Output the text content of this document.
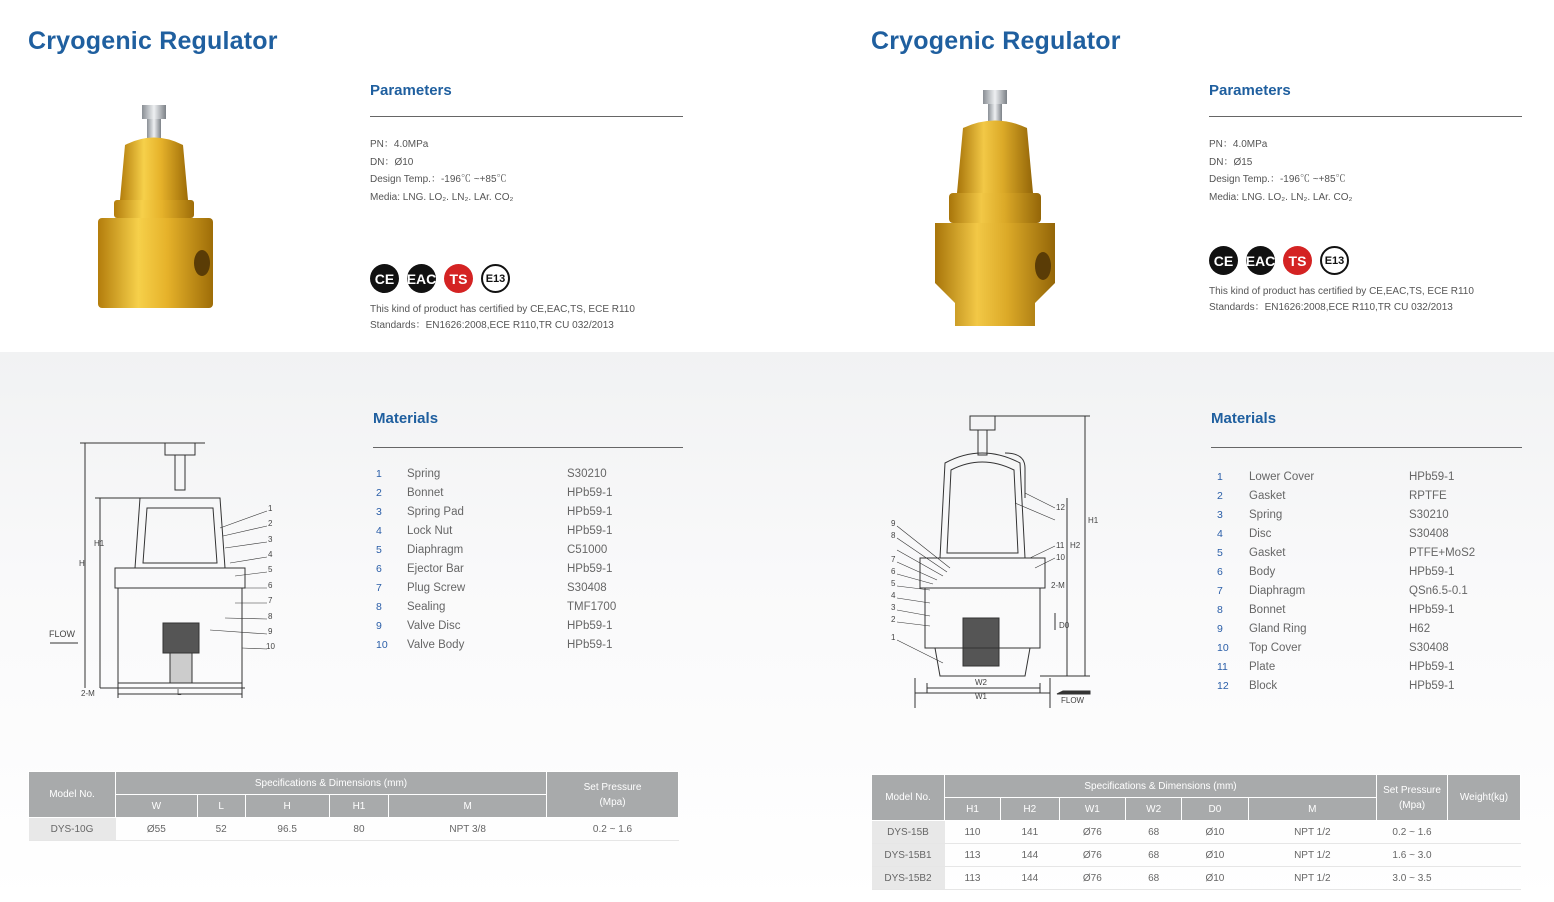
Cryogenic Regulator
Parameters

PN：4.0MPa

DN：Ø10

Design Temp.：-196℃ ~+85℃

Media: LNG. LO₂. LN₂. LAr. CO₂

CE EAC TS	E13

This kind of product has certified by CE,EAC,TS, ECE R110

Standards：EN1626:2008,ECE R110,TR CU 032/2013

1
2
3
4
5
6
7
8
9
10
FLOW
H
H1
L
2-M
Materials
1 Spring	S30210
2 Bonnet	HPb59-1
3 Spring Pad	HPb59-1
4 Lock Nut	HPb59-1
5 Diaphragm	C51000
6 Ejector Bar	HPb59-1
7 Plug Screw	S30408
8 Sealing	TMF1700
9 Valve Disc	HPb59-1
10 Valve Body	HPb59-1
Model No.	Specifications & Dimensions (mm)					Set Pressure
(Mpa)
	W	L	H	H1	M	
DYS-10G	Ø55	52	96.5	80	NPT 3/8	0.2 ~ 1.6
Cryogenic Regulator
Parameters

PN：4.0MPa

DN：Ø15

Design Temp.：-196℃ ~+85℃

Media: LNG. LO₂. LN₂. LAr. CO₂

CE EAC TS	E13

This kind of product has certified by CE,EAC,TS, ECE R110

Standards：EN1626:2008,ECE R110,TR CU 032/2013

1
2
3
4
5
6
7
8
9
10
11
12
H1
H2
W2
W1
D0
2-M
FLOW
Materials
1 Lower Cover	HPb59-1
2 Gasket	RPTFE
3 Spring	S30210
4 Disc	S30408
5 Gasket	PTFE+MoS2
6 Body	HPb59-1
7 Diaphragm	QSn6.5-0.1
8 Bonnet	HPb59-1
9 Gland Ring	H62
10 Top Cover	S30408
11 Plate	HPb59-1
12 Block	HPb59-1
Model No.	Specifications & Dimensions (mm)						Set Pressure
(Mpa)	Weight(kg)
	H1	H2	W1	W2	D0	M		
DYS-15B	110	141	Ø76	68	Ø10	NPT 1/2	0.2 ~ 1.6	
DYS-15B1	113	144	Ø76	68	Ø10	NPT 1/2	1.6 ~ 3.0	
DYS-15B2	113	144	Ø76	68	Ø10	NPT 1/2	3.0 ~ 3.5	
